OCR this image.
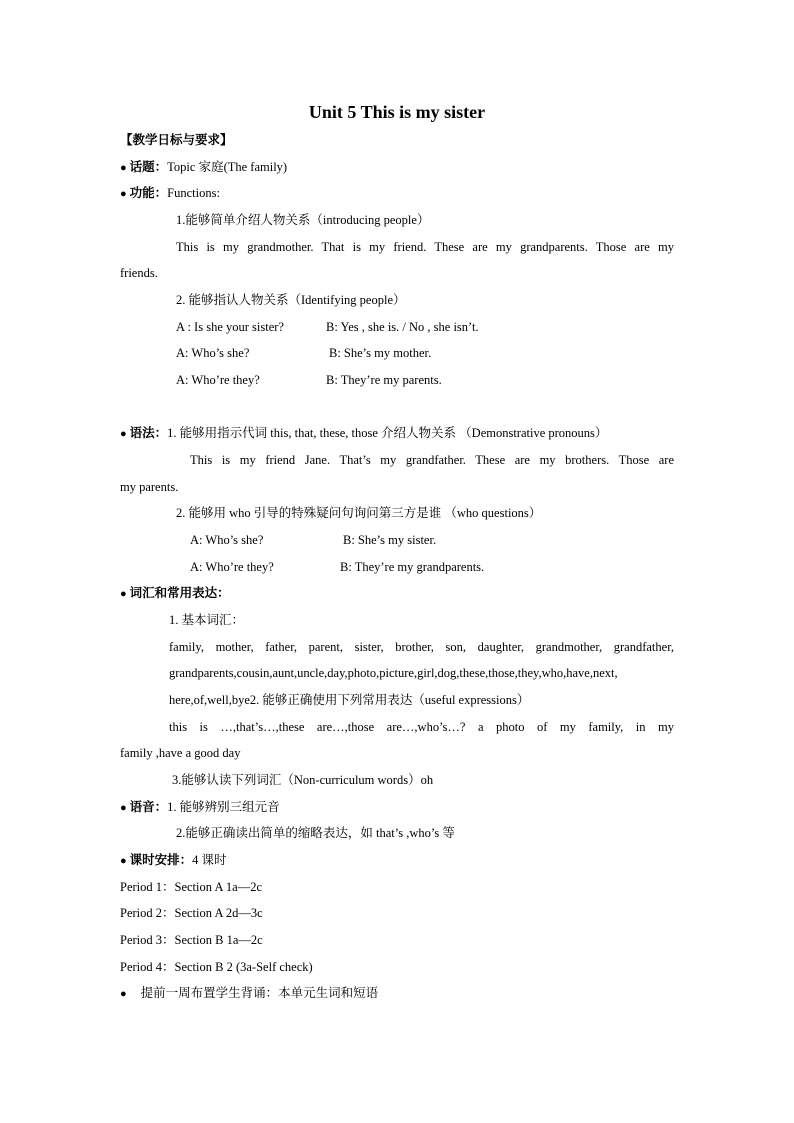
Unit 5 This is my sister
【教学日标与要求】
● 话题：Topic 家庭(The family)
● 功能：Functions:
1.能够简单介绍人物关系（introducing people）
This is my grandmother. That is my friend. These are my grandparents. Those are my
friends.
2. 能够指认人物关系（Identifying people）
A : Is she your sister?	B: Yes , she is. / No , she isn’t.
A: Who’s she?	B: She’s my mother.
A: Who’re they?	B: They’re my parents.
● 语法：1. 能够用指示代词 this, that, these, those 介绍人物关系 （Demonstrative pronouns）
This is my friend Jane. That’s my grandfather. These are my brothers. Those are
my parents.
2. 能够用 who 引导的特殊疑问句询问第三方是谁 （who questions）
A: Who’s she?	B: She’s my sister.
A: Who’re they?	B: They’re my grandparents.
● 词汇和常用表达：
1. 基本词汇：
family, mother, father, parent, sister, brother, son, daughter, grandmother, grandfather,
grandparents,cousin,aunt,uncle,day,photo,picture,girl,dog,these,those,they,who,have,next,
here,of,well,bye2. 能够正确使用下列常用表达（useful expressions）
this is …,that’s…,these are…,those are…,who’s…? a photo of my family, in my
family ,have a good day
3.能够认读下列词汇（Non-curriculum words）oh
● 语音：1. 能够辨别三组元音
2.能够正确读出简单的缩略表达，如 that’s ,who’s 等
● 课时安排：4 课时
Period 1：Section A 1a—2c
Period 2：Section A 2d—3c
Period 3：Section B 1a—2c
Period 4：Section B 2 (3a-Self check)
● 提前一周布置学生背诵：本单元生词和短语
